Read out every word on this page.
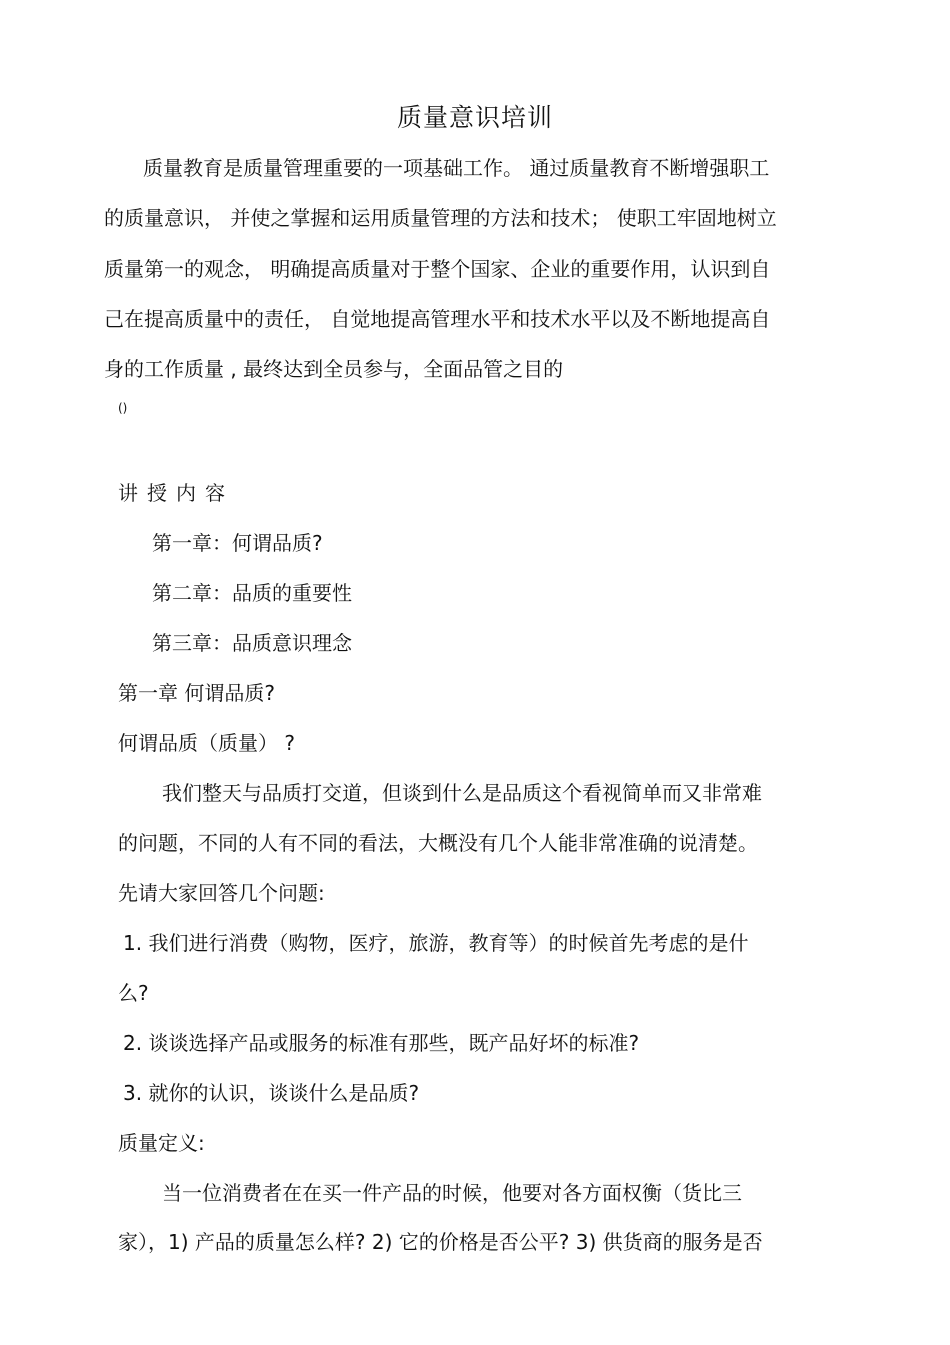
质量意识培训
质量教育是质量管理重要的一项基础工作。 通过质量教育不断增强职工
的质量意识， 并使之掌握和运用质量管理的方法和技术； 使职工牢固地树立
质量第一的观念， 明确提高质量对于整个国家、企业的重要作用，认识到自
己在提高质量中的责任， 自觉地提高管理水平和技术水平以及不断地提高自
身的工作质量 , 最终达到全员参与，全面品管之目的
()
讲授内容
第一章：何谓品质?
第二章：品质的重要性
第三章：品质意识理念
第一章 何谓品质?
何谓品质（质量） ?
我们整天与品质打交道，但谈到什么是品质这个看视简单而又非常难
的问题，不同的人有不同的看法，大概没有几个人能非常准确的说清楚。
先请大家回答几个问题:
1. 我们进行消费（购物，医疗，旅游，教育等）的时候首先考虑的是什
么?
2. 谈谈选择产品或服务的标准有那些，既产品好坏的标准?
3. 就你的认识，谈谈什么是品质?
质量定义:
当一位消费者在在买一件产品的时候，他要对各方面权衡（货比三
家），1) 产品的质量怎么样? 2) 它的价格是否公平? 3) 供货商的服务是否
